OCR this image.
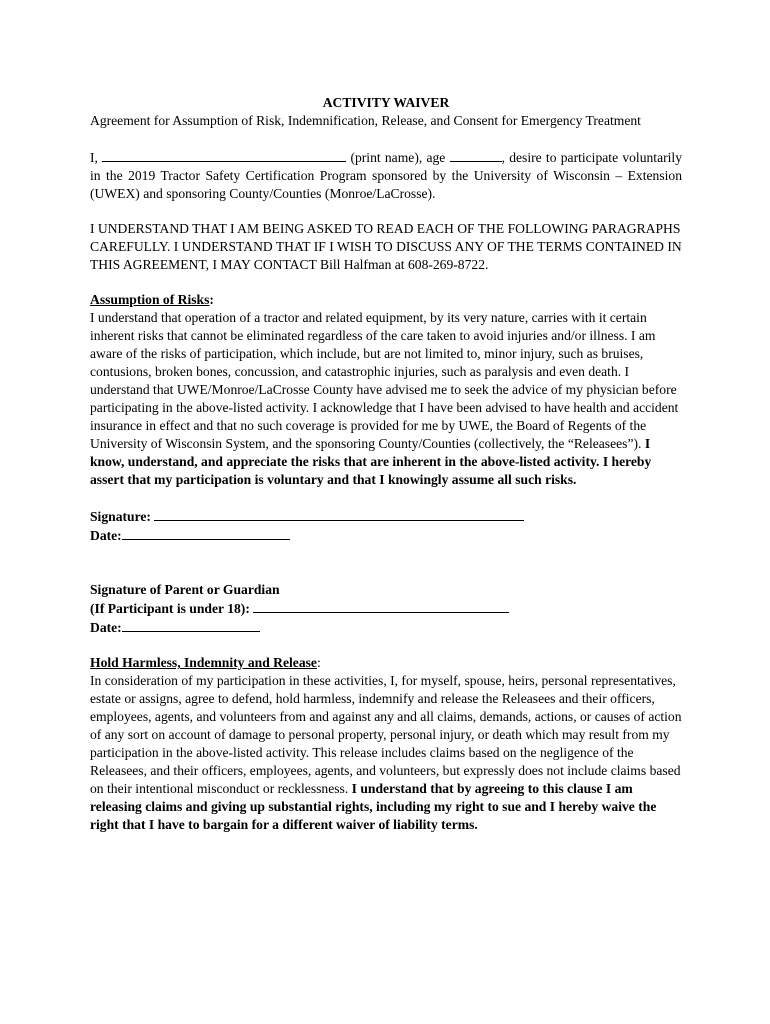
ACTIVITY WAIVER

Agreement for Assumption of Risk, Indemnification, Release, and Consent for Emergency Treatment

I,	(print name), age	, desire to participate voluntarily in the 2019 Tractor Safety Certification Program sponsored by the University of Wisconsin – Extension (UWEX) and sponsoring County/Counties (Monroe/LaCrosse).

I UNDERSTAND THAT I AM BEING ASKED TO READ EACH OF THE FOLLOWING PARAGRAPHS CAREFULLY. I UNDERSTAND THAT IF I WISH TO DISCUSS ANY OF THE TERMS CONTAINED IN THIS AGREEMENT, I MAY CONTACT Bill Halfman at 608-269-8722.

Assumption of Risks:

I understand that operation of a tractor and related equipment, by its very nature, carries with it certain inherent risks that cannot be eliminated regardless of the care taken to avoid injuries and/or illness. I am aware of the risks of participation, which include, but are not limited to, minor injury, such as bruises, contusions, broken bones, concussion, and catastrophic injuries, such as paralysis and even death. I understand that UWE/Monroe/LaCrosse County have advised me to seek the advice of my physician before participating in the above-listed activity. I acknowledge that I have been advised to have health and accident insurance in effect and that no such coverage is provided for me by UWE, the Board of Regents of the University of Wisconsin System, and the sponsoring County/Counties (collectively, the “Releasees”). I know, understand, and appreciate the risks that are inherent in the above-listed activity. I hereby assert that my participation is voluntary and that I knowingly assume all such risks.

Signature:

Date:

Signature of Parent or Guardian

(If Participant is under 18):

Date:

Hold Harmless, Indemnity and Release:

In consideration of my participation in these activities, I, for myself, spouse, heirs, personal representatives, estate or assigns, agree to defend, hold harmless, indemnify and release the Releasees and their officers, employees, agents, and volunteers from and against any and all claims, demands, actions, or causes of action of any sort on account of damage to personal property, personal injury, or death which may result from my participation in the above-listed activity. This release includes claims based on the negligence of the Releasees, and their officers, employees, agents, and volunteers, but expressly does not include claims based on their intentional misconduct or recklessness. I understand that by agreeing to this clause I am releasing claims and giving up substantial rights, including my right to sue and I hereby waive the right that I have to bargain for a different waiver of liability terms.
